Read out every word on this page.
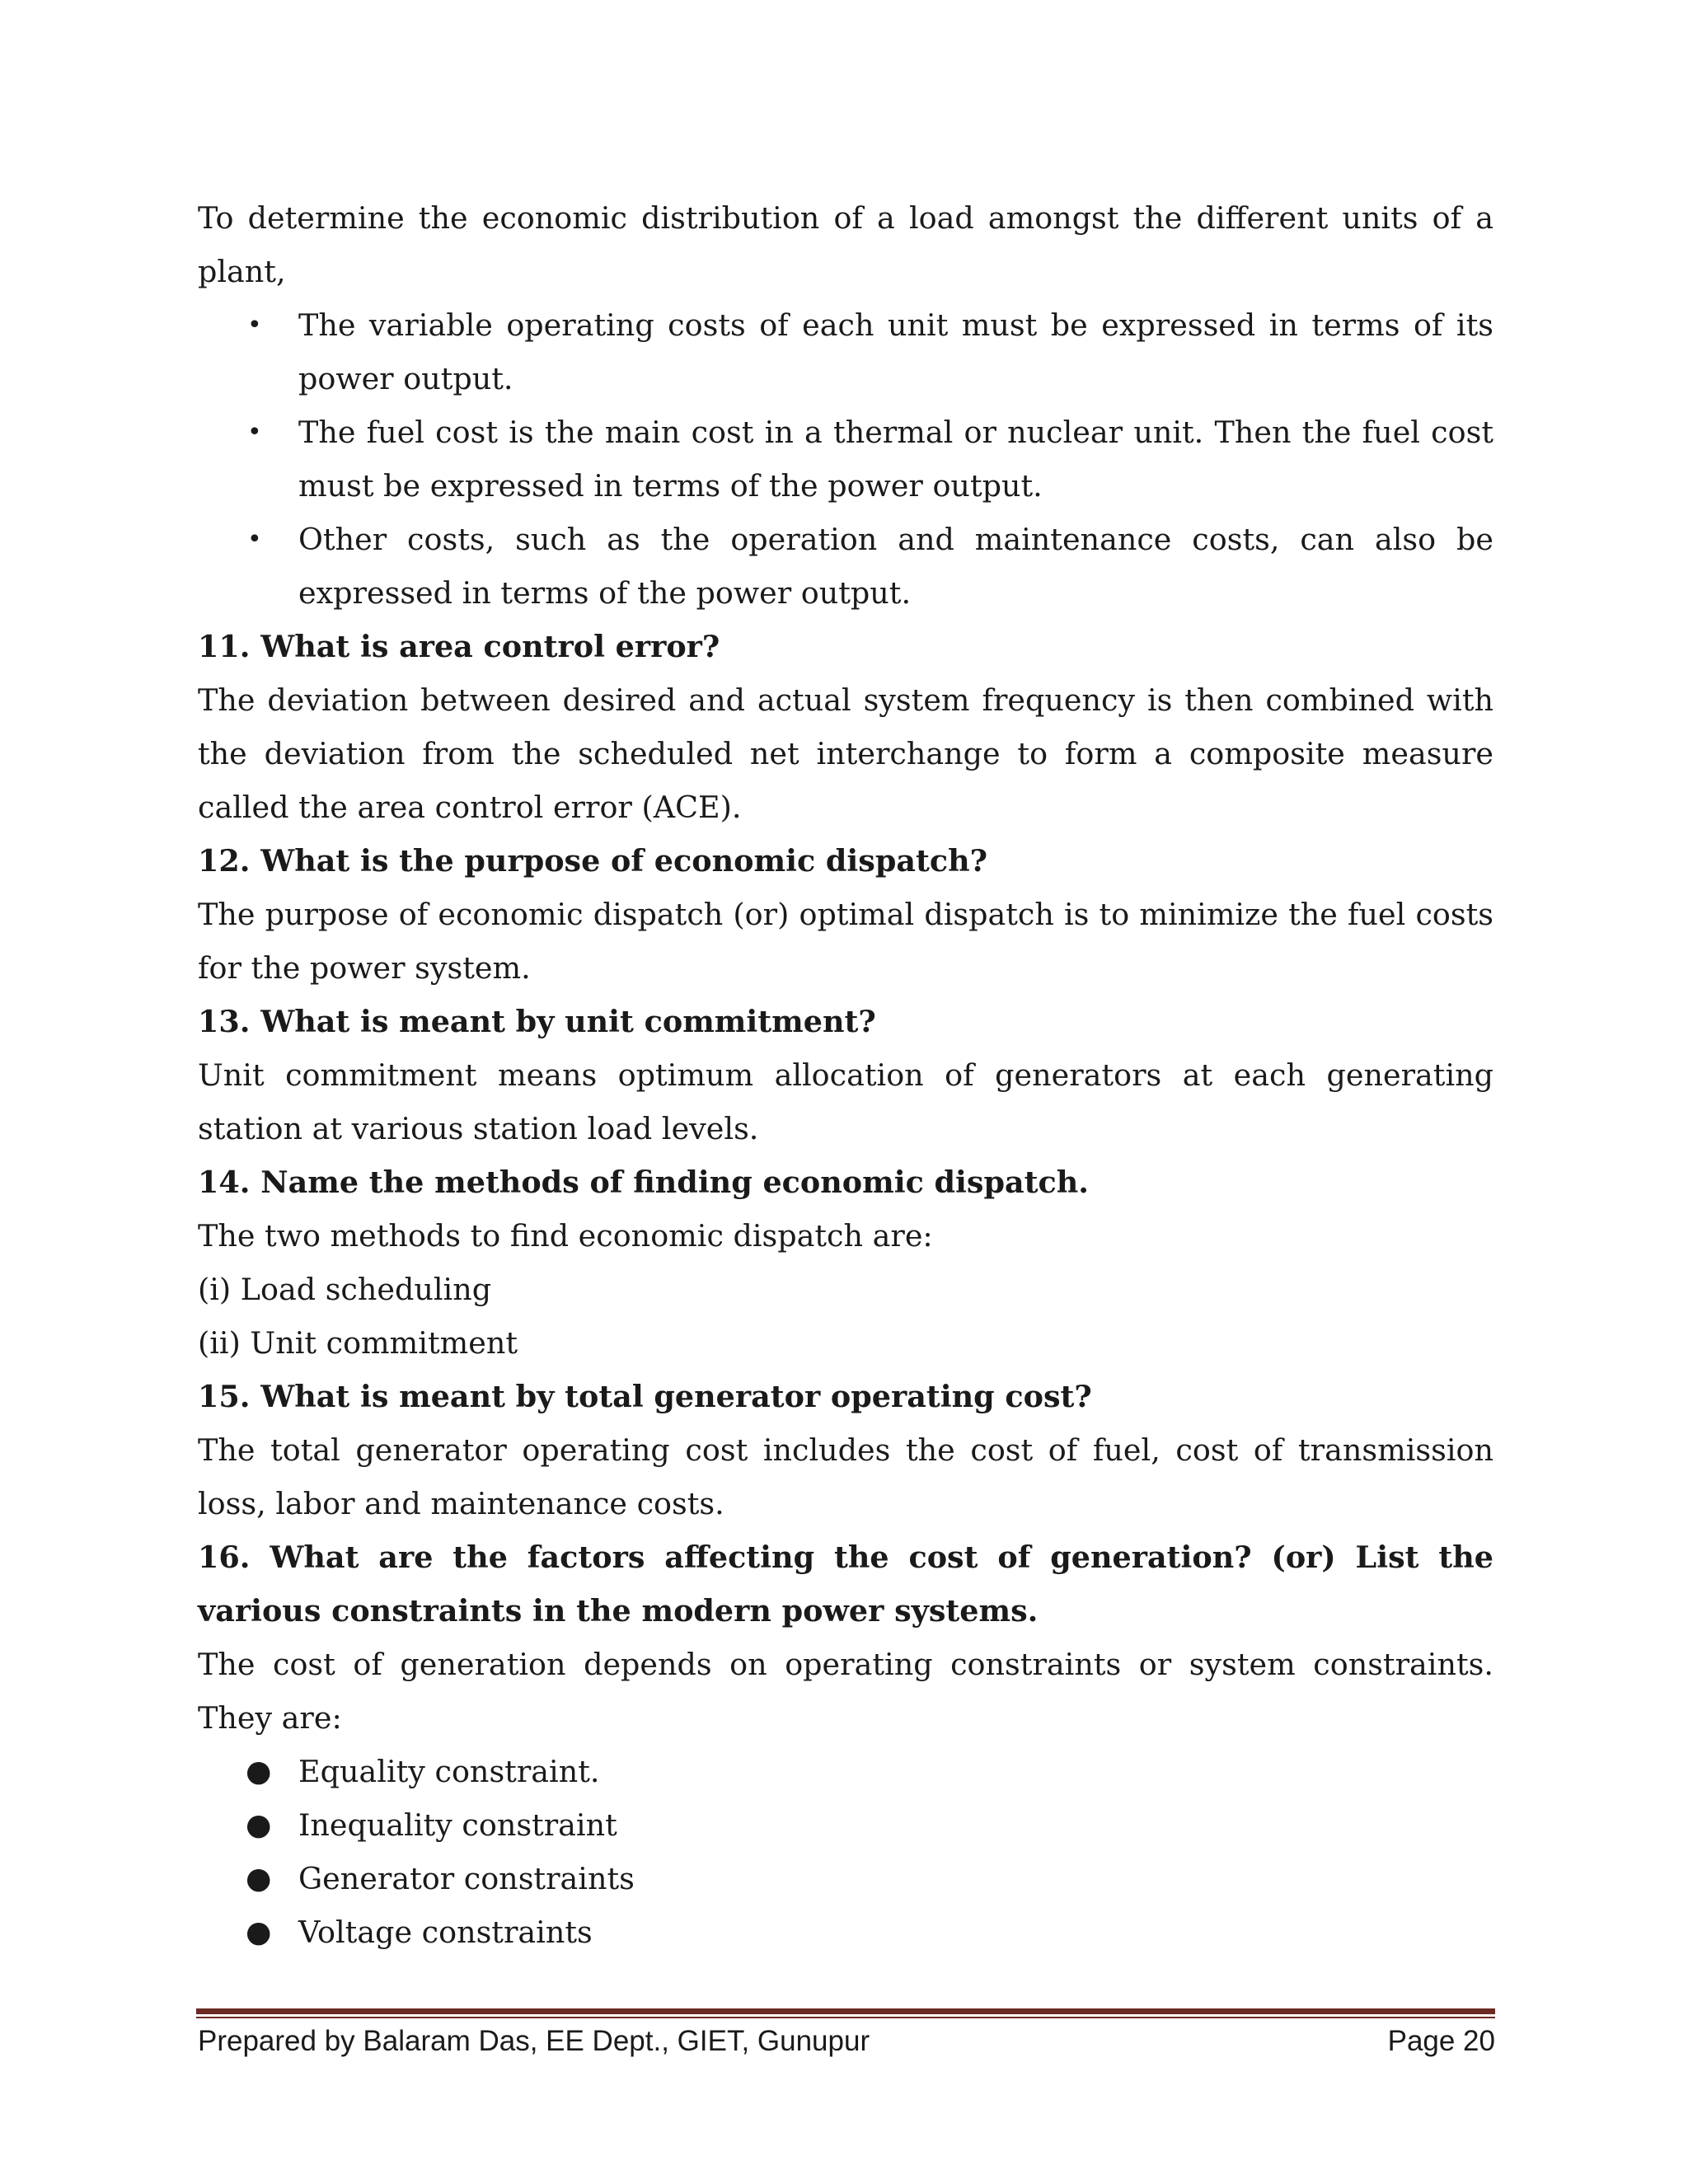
To determine the economic distribution of a load amongst the different units of a plant,

• The variable operating costs of each unit must be expressed in terms of its power output.
• The fuel cost is the main cost in a thermal or nuclear unit. Then the fuel cost must be expressed in terms of the power output.
• Other costs, such as the operation and maintenance costs, can also be expressed in terms of the power output.

11. What is area control error?

The deviation between desired and actual system frequency is then combined with the deviation from the scheduled net interchange to form a composite measure called the area control error (ACE).

12. What is the purpose of economic dispatch?

The purpose of economic dispatch (or) optimal dispatch is to minimize the fuel costs for the power system.

13. What is meant by unit commitment?

Unit commitment means optimum allocation of generators at each generating station at various station load levels.

14. Name the methods of finding economic dispatch.

The two methods to find economic dispatch are:

(i) Load scheduling

(ii) Unit commitment

15. What is meant by total generator operating cost?

The total generator operating cost includes the cost of fuel, cost of transmission loss, labor and maintenance costs.

16. What are the factors affecting the cost of generation? (or) List the various constraints in the modern power systems.

The cost of generation depends on operating constraints or system constraints. They are:

● Equality constraint.
● Inequality constraint
● Generator constraints
● Voltage constraints
Prepared by Balaram Das, EE Dept., GIET, Gunupur	Page 20
